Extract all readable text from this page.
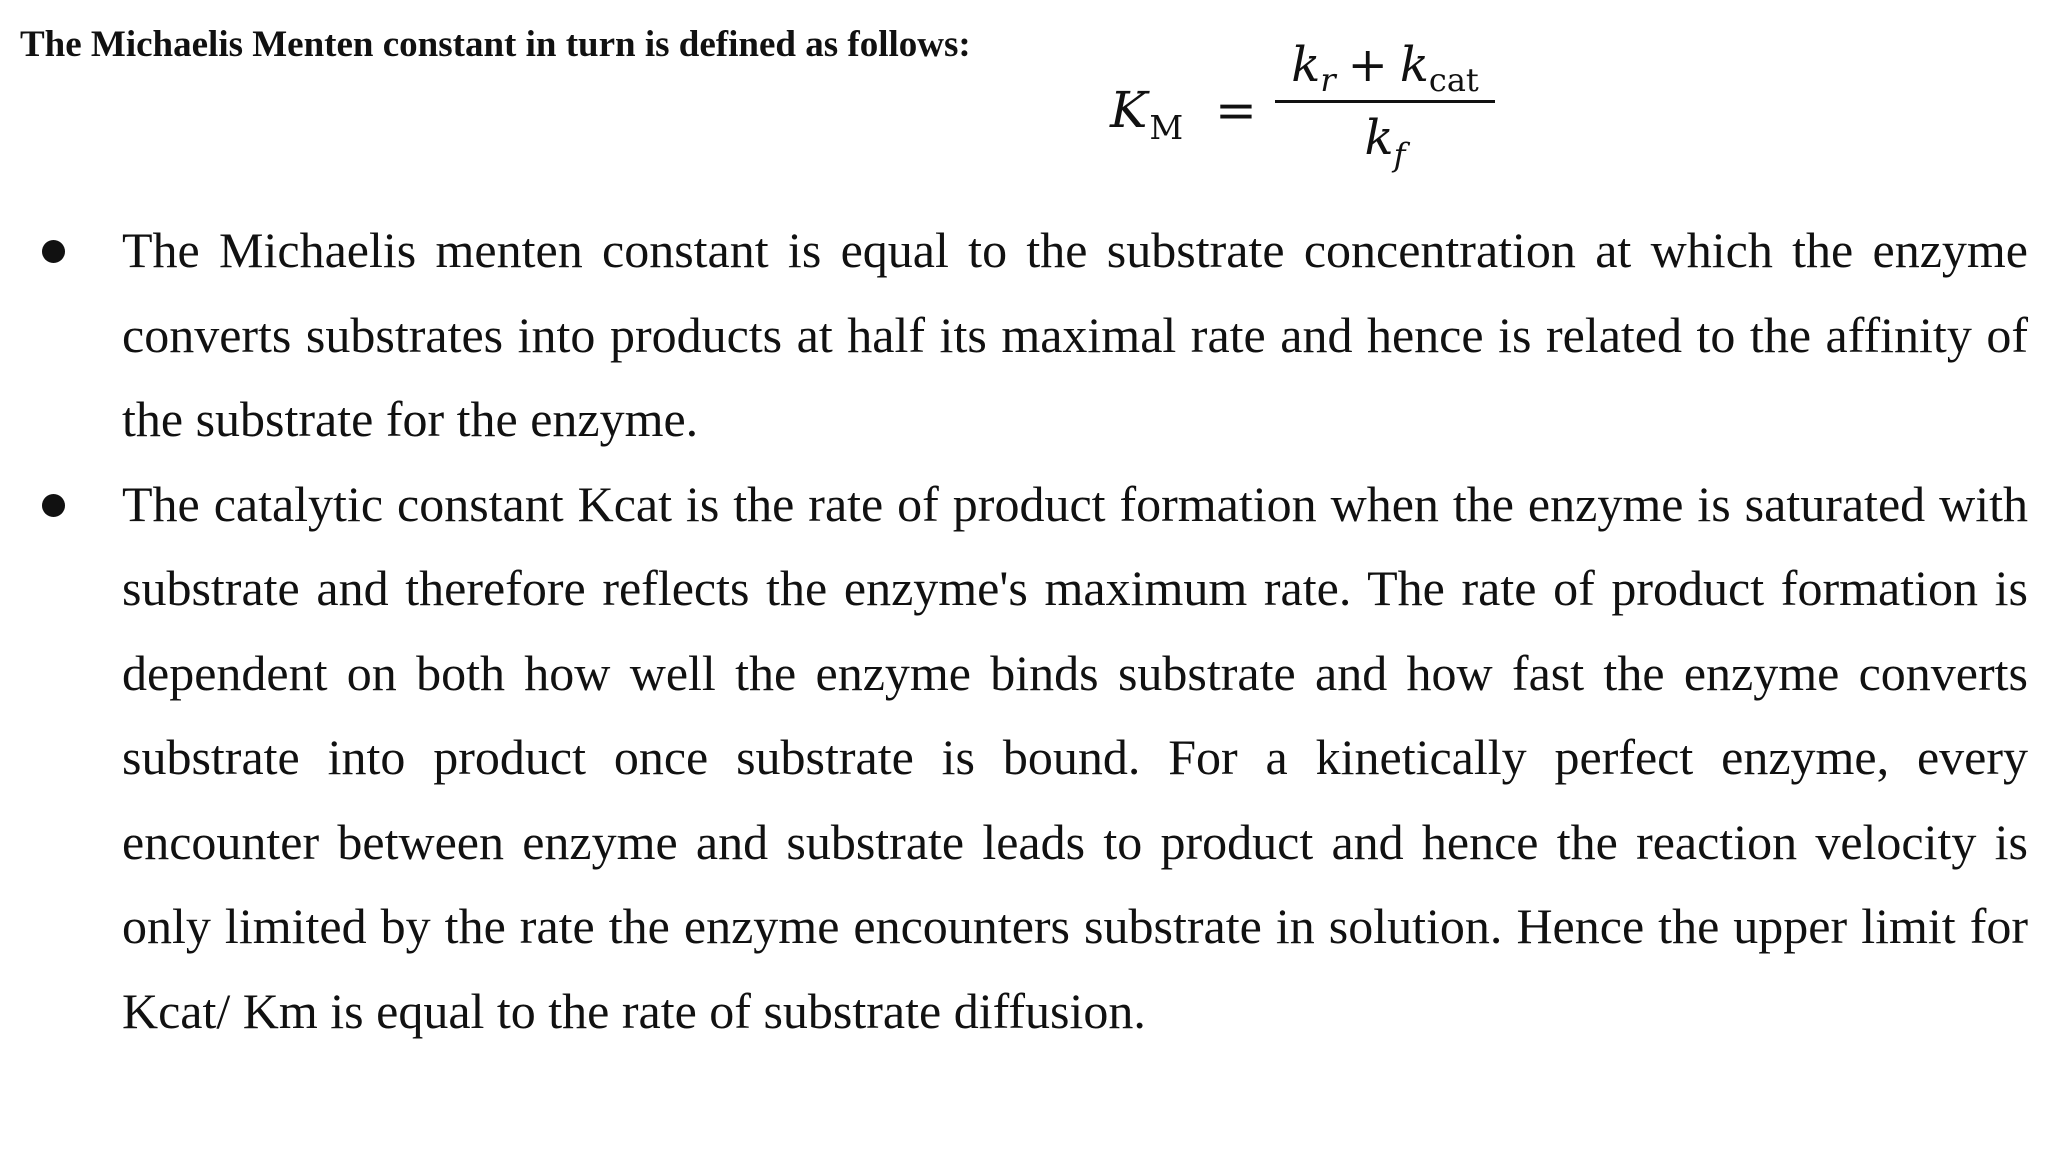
The Michaelis Menten constant in turn is defined as follows:

$K_M$ =
$k_r + k_{cat}$
$k_f$
The Michaelis menten constant is equal to the substrate concentration at which the enzyme converts substrates into products at half its maximal rate and hence is related to the affinity of the substrate for the enzyme.
The catalytic constant Kcat is the rate of product formation when the enzyme is saturated with substrate and therefore reflects the enzyme's maximum rate. The rate of product formation is dependent on both how well the enzyme binds substrate and how fast the enzyme converts substrate into product once substrate is bound. For a kinetically perfect enzyme, every encounter between enzyme and substrate leads to product and hence the reaction velocity is only limited by the rate the enzyme encounters substrate in solution. Hence the upper limit for Kcat/ Km is equal to the rate of substrate diffusion.
